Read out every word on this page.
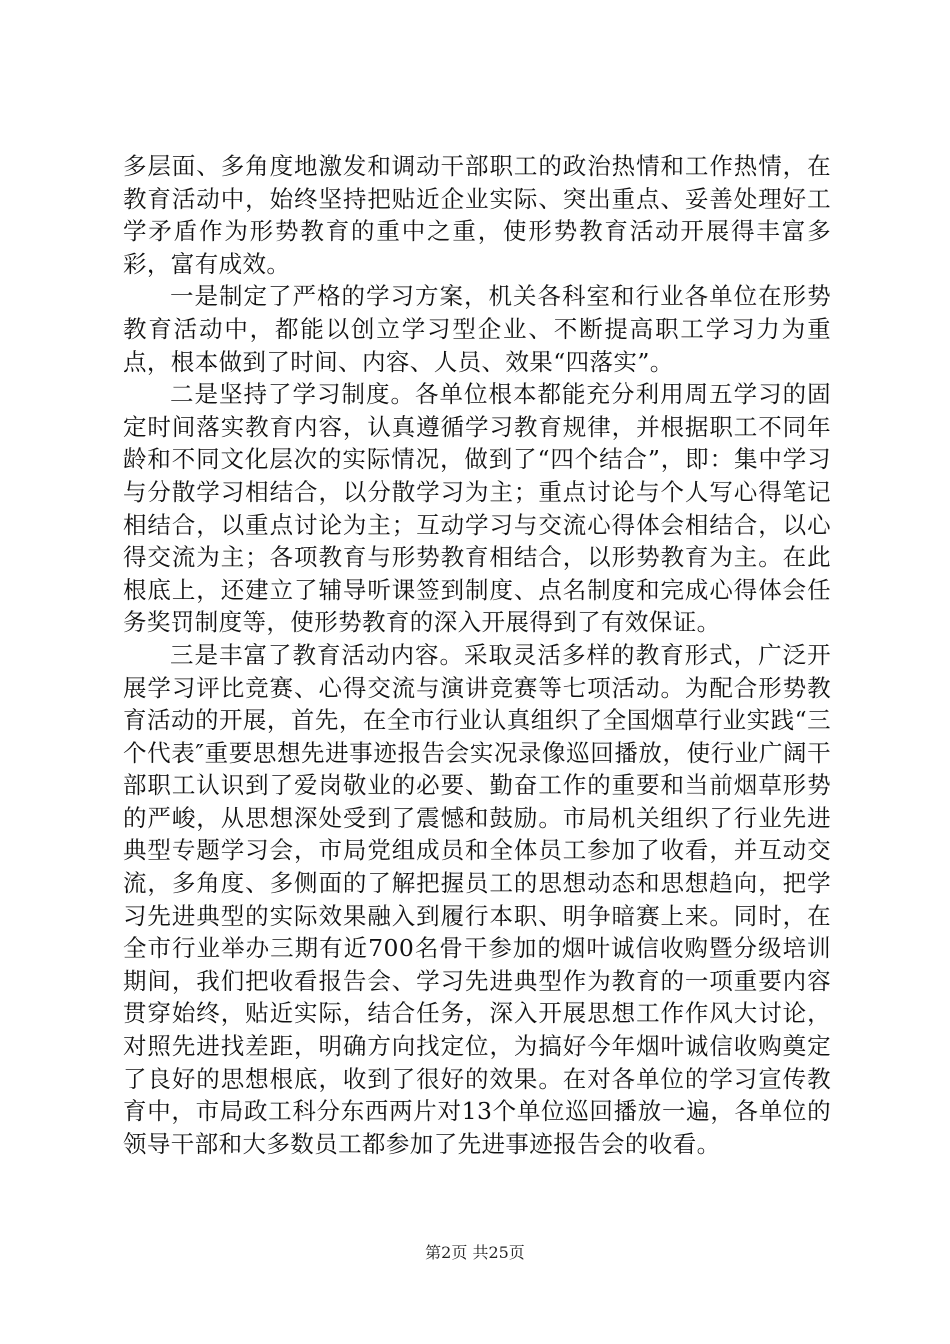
多层面、多角度地激发和调动干部职工的政治热情和工作热情，在教育活动中，始终坚持把贴近企业实际、突出重点、妥善处理好工学矛盾作为形势教育的重中之重，使形势教育活动开展得丰富多彩，富有成效。

一是制定了严格的学习方案，机关各科室和行业各单位在形势教育活动中，都能以创立学习型企业、不断提高职工学习力为重点，根本做到了时间、内容、人员、效果“四落实”。

二是坚持了学习制度。各单位根本都能充分利用周五学习的固定时间落实教育内容，认真遵循学习教育规律，并根据职工不同年龄和不同文化层次的实际情况，做到了“四个结合”，即：集中学习与分散学习相结合，以分散学习为主；重点讨论与个人写心得笔记相结合，以重点讨论为主；互动学习与交流心得体会相结合，以心得交流为主；各项教育与形势教育相结合，以形势教育为主。在此根底上，还建立了辅导听课签到制度、点名制度和完成心得体会任务奖罚制度等，使形势教育的深入开展得到了有效保证。

三是丰富了教育活动内容。采取灵活多样的教育形式，广泛开展学习评比竞赛、心得交流与演讲竞赛等七项活动。为配合形势教育活动的开展，首先，在全市行业认真组织了全国烟草行业实践“三个代表″重要思想先进事迹报告会实况录像巡回播放，使行业广阔干部职工认识到了爱岗敬业的必要、勤奋工作的重要和当前烟草形势的严峻，从思想深处受到了震憾和鼓励。市局机关组织了行业先进典型专题学习会，市局党组成员和全体员工参加了收看，并互动交流，多角度、多侧面的了解把握员工的思想动态和思想趋向，把学习先进典型的实际效果融入到履行本职、明争暗赛上来。同时，在全市行业举办三期有近700名骨干参加的烟叶诚信收购暨分级培训期间，我们把收看报告会、学习先进典型作为教育的一项重要内容贯穿始终，贴近实际，结合任务，深入开展思想工作作风大讨论，对照先进找差距，明确方向找定位，为搞好今年烟叶诚信收购奠定了良好的思想根底，收到了很好的效果。在对各单位的学习宣传教育中，市局政工科分东西两片对13个单位巡回播放一遍，各单位的领导干部和大多数员工都参加了先进事迹报告会的收看。

第2页 共25页
